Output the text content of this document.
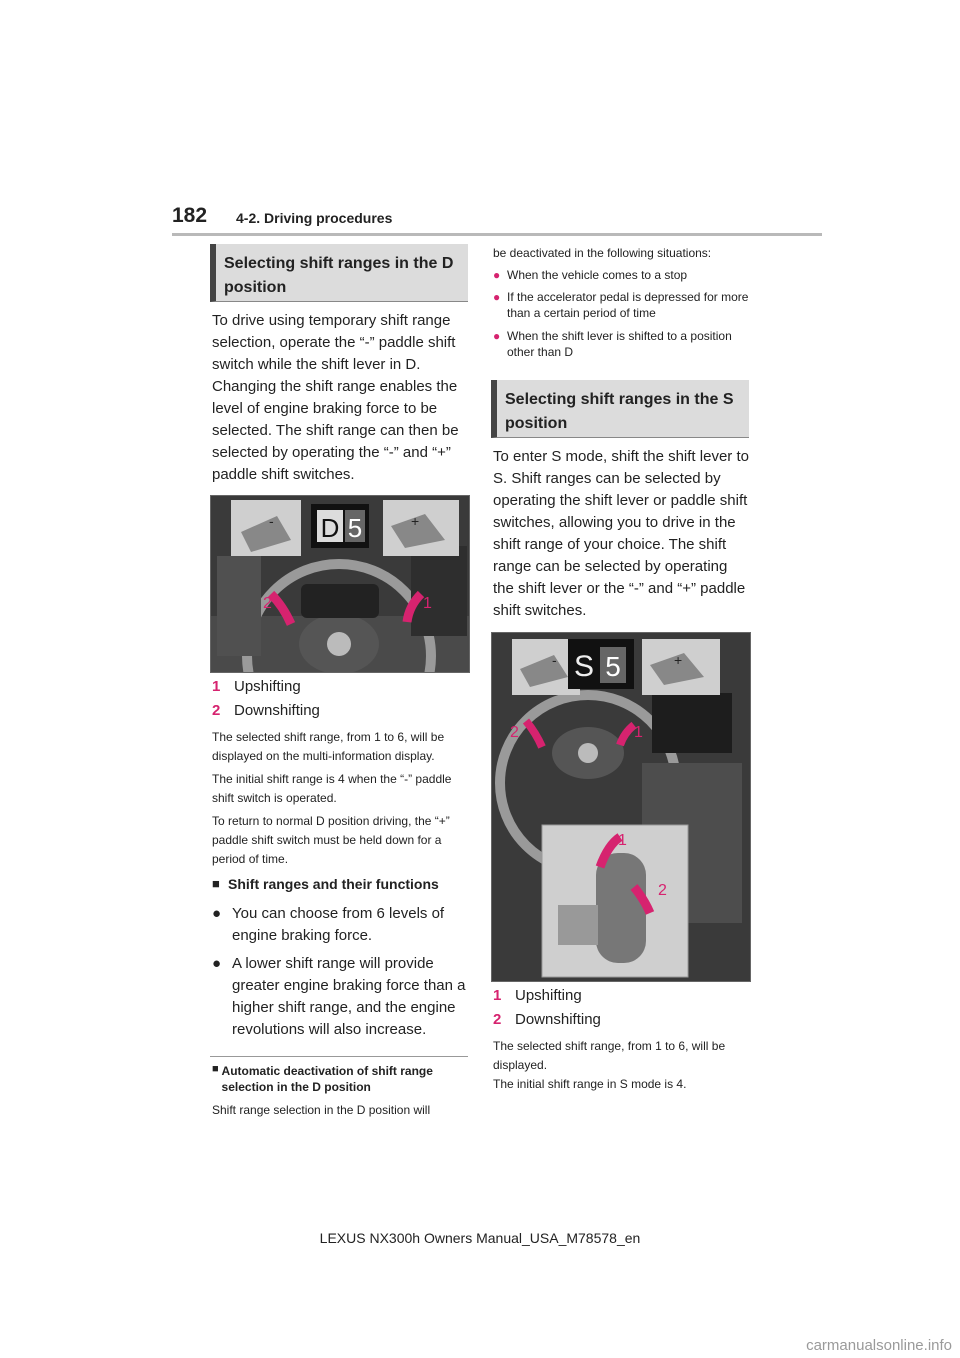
182 4-2. Driving procedures
Selecting shift ranges in the D position
To drive using temporary shift range selection, operate the “-” paddle shift switch while the shift lever in D. Changing the shift range enables the level of engine braking force to be selected. The shift range can then be selected by operating the “-” and “+” paddle shift switches.
D 5
-	+
2	1
1 Upshifting
2 Downshifting
The selected shift range, from 1 to 6, will be displayed on the multi-information display.
The initial shift range is 4 when the “-” paddle shift switch is operated.
To return to normal D position driving, the “+” paddle shift switch must be held down for a period of time.
■ Shift ranges and their functions
● You can choose from 6 levels of engine braking force.
● A lower shift range will provide greater engine braking force than a higher shift range, and the engine revolutions will also increase.
■ Automatic deactivation of shift range selection in the D position
Shift range selection in the D position will
be deactivated in the following situations:
● When the vehicle comes to a stop
● If the accelerator pedal is depressed for more than a certain period of time
● When the shift lever is shifted to a position other than D
Selecting shift ranges in the S position
To enter S mode, shift the shift lever to S. Shift ranges can be selected by operating the shift lever or paddle shift switches, allowing you to drive in the shift range of your choice. The shift range can be selected by operating the shift lever or the “-” and “+” paddle shift switches.
S 5
-	+
2	1
1
2
1 Upshifting
2 Downshifting
The selected shift range, from 1 to 6, will be displayed.
The initial shift range in S mode is 4.
LEXUS NX300h Owners Manual_USA_M78578_en
carmanualsonline.info
